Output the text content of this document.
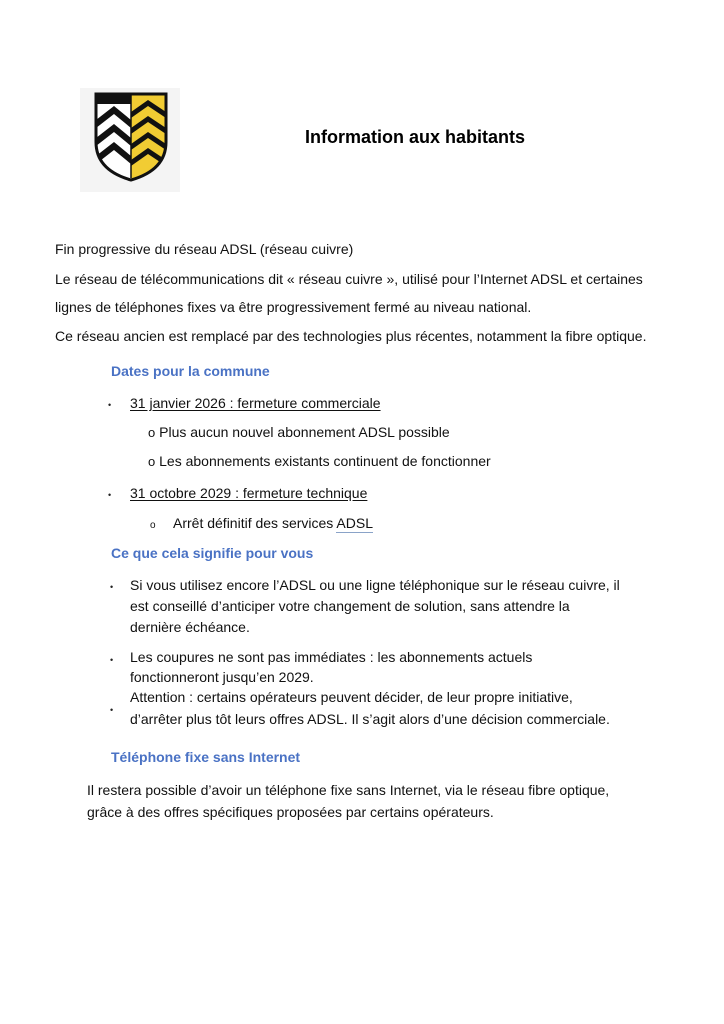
Information aux habitants
Fin progressive du réseau ADSL (réseau cuivre)
Le réseau de télécommunications dit « réseau cuivre », utilisé pour l’Internet ADSL et certaines
lignes de téléphones fixes va être progressivement fermé au niveau national.
Ce réseau ancien est remplacé par des technologies plus récentes, notamment la fibre optique.
Dates pour la commune
• 31 janvier 2026 : fermeture commerciale
o Plus aucun nouvel abonnement ADSL possible
o Les abonnements existants continuent de fonctionner
• 31 octobre 2029 : fermeture technique
o Arrêt définitif des services ADSL
Ce que cela signifie pour vous
• Si vous utilisez encore l’ADSL ou une ligne téléphonique sur le réseau cuivre, il
est conseillé d’anticiper votre changement de solution, sans attendre la
dernière échéance.
• Les coupures ne sont pas immédiates : les abonnements actuels
fonctionneront jusqu’en 2029.
•
Attention : certains opérateurs peuvent décider, de leur propre initiative,
d’arrêter plus tôt leurs offres ADSL. Il s’agit alors d’une décision commerciale.
Téléphone fixe sans Internet
Il restera possible d’avoir un téléphone fixe sans Internet, via le réseau fibre optique,
grâce à des offres spécifiques proposées par certains opérateurs.
